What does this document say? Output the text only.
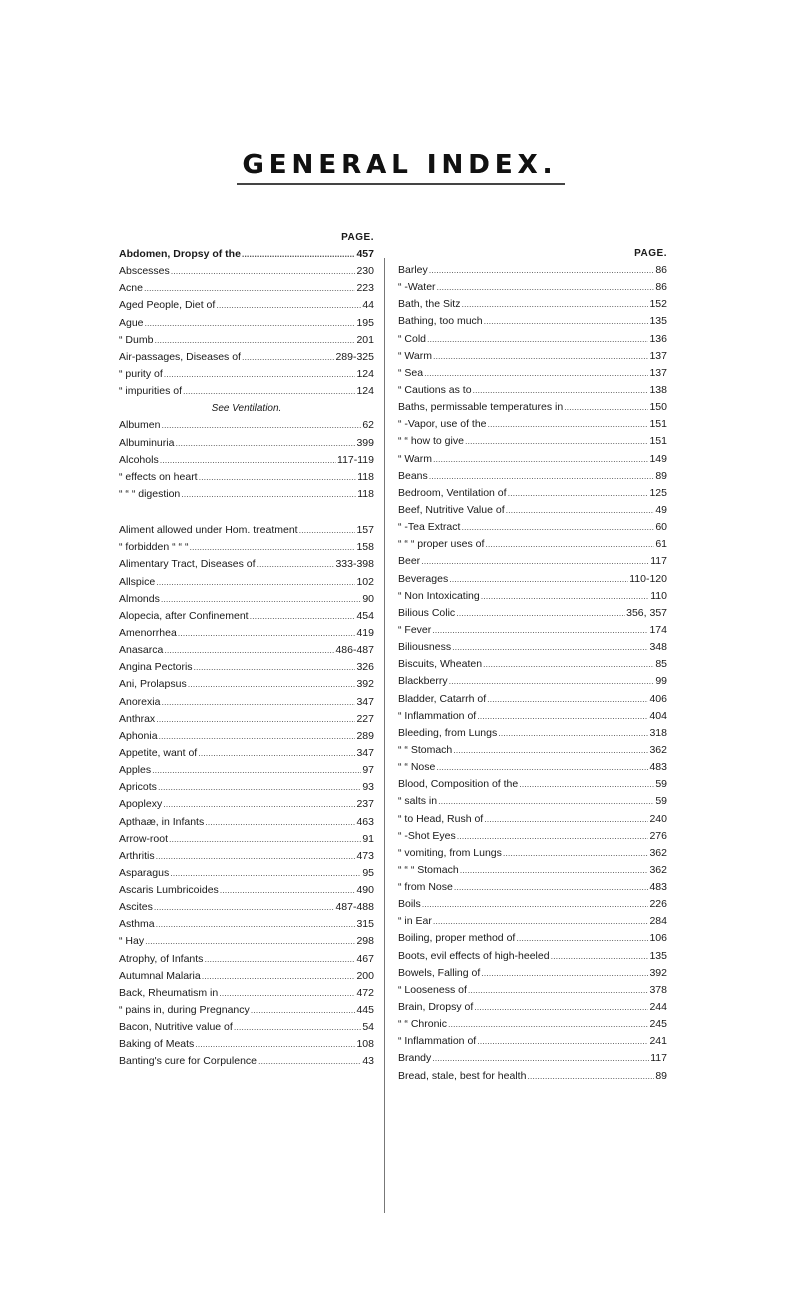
GENERAL INDEX.
PAGE.
Abdomen, Dropsy of the .....	457
Abscesses .....	230
Acne .....	223
Aged People, Diet of .....	44
Ague .....	195
“ Dumb .....	201
Air-passages, Diseases of .....	289-325
“ purity of .....	124
“ impurities of .....	124
See Ventilation.
Albumen .....	62
Albuminuria .....	399
Alcohols .....	117-119
“ effects on heart .....	118
“ “ “ digestion .....	118
Aliment allowed under Hom. treatment .....	157
“ forbidden “ “ “ .....	158
Alimentary Tract, Diseases of .....	333-398
Allspice .....	102
Almonds .....	90
Alopecia, after Confinement .....	454
Amenorrhea .....	419
Anasarca .....	486-487
Angina Pectoris .....	326
Ani, Prolapsus .....	392
Anorexia .....	347
Anthrax .....	227
Aphonia .....	289
Appetite, want of .....	347
Apples .....	97
Apricots .....	93
Apoplexy .....	237
Apthaæ, in Infants .....	463
Arrow-root .....	91
Arthritis .....	473
Asparagus .....	95
Ascaris Lumbricoides .....	490
Ascites .....	487-488
Asthma .....	315
“ Hay .....	298
Atrophy, of Infants .....	467
Autumnal Malaria .....	200
Back, Rheumatism in .....	472
“ pains in, during Pregnancy .....	445
Bacon, Nutritive value of .....	54
Baking of Meats .....	108
Banting's cure for Corpulence .....	43
PAGE.
Barley .....	86
“ -Water .....	86
Bath, the Sitz .....	152
Bathing, too much .....	135
“ Cold .....	136
“ Warm .....	137
“ Sea .....	137
“ Cautions as to .....	138
Baths, permissable temperatures in .....	150
“ -Vapor, use of the .....	151
“ “ how to give .....	151
“ Warm .....	149
Beans .....	89
Bedroom, Ventilation of .....	125
Beef, Nutritive Value of .....	49
“ -Tea Extract .....	60
“ “ “ proper uses of .....	61
Beer .....	117
Beverages .....	110-120
“ Non Intoxicating .....	110
Bilious Colic .....	356, 357
“ Fever .....	174
Biliousness .....	348
Biscuits, Wheaten .....	85
Blackberry .....	99
Bladder, Catarrh of .....	406
“ Inflammation of .....	404
Bleeding, from Lungs .....	318
“ “ Stomach .....	362
“ “ Nose .....	483
Blood, Composition of the .....	59
“ salts in .....	59
“ to Head, Rush of .....	240
“ -Shot Eyes .....	276
“ vomiting, from Lungs .....	362
“ “ “ Stomach .....	362
“ from Nose .....	483
Boils .....	226
“ in Ear .....	284
Boiling, proper method of .....	106
Boots, evil effects of high-heeled .....	135
Bowels, Falling of .....	392
“ Looseness of .....	378
Brain, Dropsy of .....	244
“ “ Chronic .....	245
“ Inflammation of .....	241
Brandy .....	117
Bread, stale, best for health .....	89
